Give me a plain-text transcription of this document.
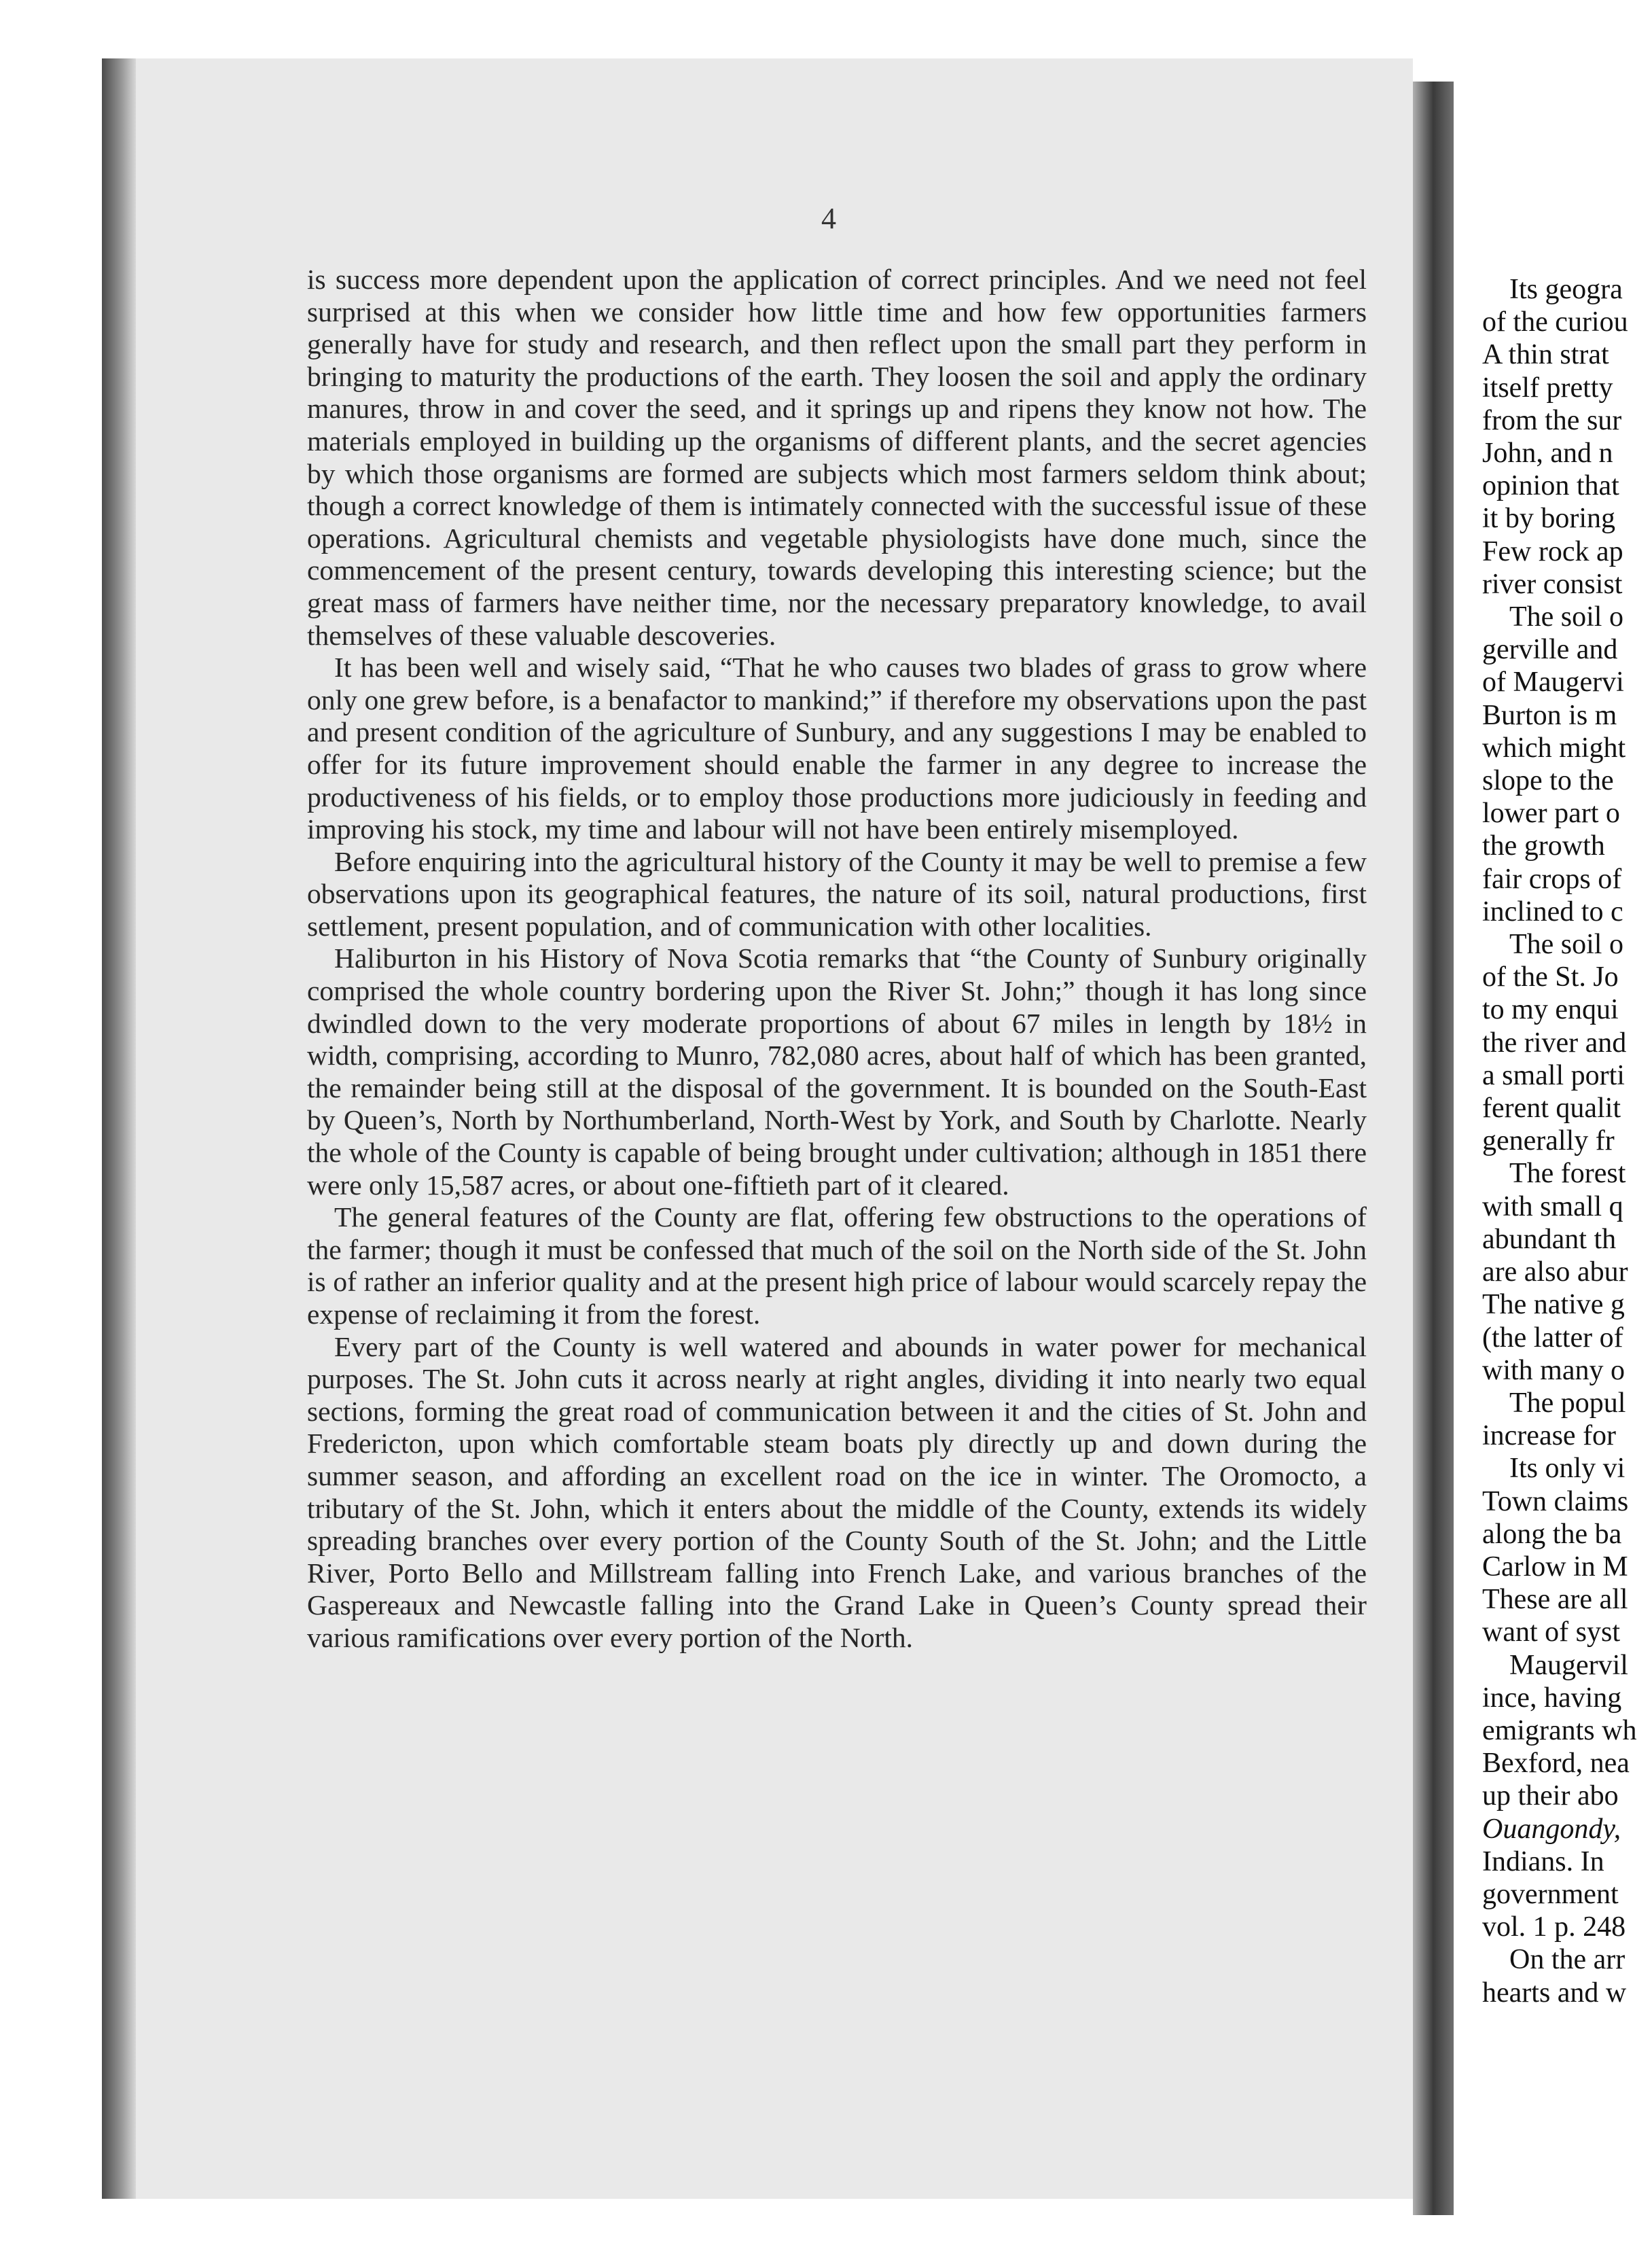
4

is success more dependent upon the application of correct principles. And we need not feel surprised at this when we consider how little time and how few opportunities farmers generally have for study and research, and then reflect upon the small part they perform in bringing to maturity the productions of the earth. They loosen the soil and apply the ordinary manures, throw in and cover the seed, and it springs up and ripens they know not how. The materials employed in building up the organisms of different plants, and the secret agencies by which those organisms are formed are subjects which most farmers seldom think about; though a correct knowledge of them is intimately connected with the successful issue of these operations. Agricultural chemists and vegetable physiologists have done much, since the commencement of the present century, towards developing this interesting science; but the great mass of farmers have neither time, nor the necessary preparatory knowledge, to avail themselves of these valuable descoveries.

It has been well and wisely said, “That he who causes two blades of grass to grow where only one grew before, is a benafactor to mankind;” if therefore my observations upon the past and present condition of the agriculture of Sunbury, and any suggestions I may be enabled to offer for its future improvement should enable the farmer in any degree to increase the productiveness of his fields, or to employ those productions more judiciously in feeding and improving his stock, my time and labour will not have been entirely misemployed.

Before enquiring into the agricultural history of the County it may be well to premise a few observations upon its geographical features, the nature of its soil, natural productions, first settlement, present population, and of communication with other localities.

Haliburton in his History of Nova Scotia remarks that “the County of Sunbury originally comprised the whole country bordering upon the River St. John;” though it has long since dwindled down to the very moderate proportions of about 67 miles in length by 18½ in width, comprising, according to Munro, 782,080 acres, about half of which has been granted, the remainder being still at the disposal of the government. It is bounded on the South-East by Queen’s, North by Northumberland, North-West by York, and South by Charlotte. Nearly the whole of the County is capable of being brought under cultivation; although in 1851 there were only 15,587 acres, or about one-fiftieth part of it cleared.

The general features of the County are flat, offering few obstructions to the operations of the farmer; though it must be confessed that much of the soil on the North side of the St. John is of rather an inferior quality and at the present high price of labour would scarcely repay the expense of reclaiming it from the forest.

Every part of the County is well watered and abounds in water power for mechanical purposes. The St. John cuts it across nearly at right angles, dividing it into nearly two equal sections, forming the great road of communication between it and the cities of St. John and Fredericton, upon which comfortable steam boats ply directly up and down during the summer season, and affording an excellent road on the ice in winter. The Oromocto, a tributary of the St. John, which it enters about the middle of the County, extends its widely spreading branches over every portion of the County South of the St. John; and the Little River, Porto Bello and Millstream falling into French Lake, and various branches of the Gaspereaux and Newcastle falling into the Grand Lake in Queen’s County spread their various ramifications over every portion of the North.

Its geogra
of the curiou
A thin strat
itself pretty
from the sur
John, and n
opinion that
it by boring
Few rock ap
river consist
The soil o
gerville and
of Maugervi
Burton is m
which might
slope to the
lower part o
the growth
fair crops of
inclined to c
The soil o
of the St. Jo
to my enqui
the river and
a small porti
ferent qualit
generally fr
The forest
with small q
abundant th
are also abur
The native g
(the latter of
with many o
The popul
increase for
Its only vi
Town claims
along the ba
Carlow in M
These are all
want of syst
Maugervil
ince, having
emigrants wh
Bexford, nea
up their abo
Ouangondy,
Indians. In
government
vol. 1 p. 248
On the arr
hearts and w
